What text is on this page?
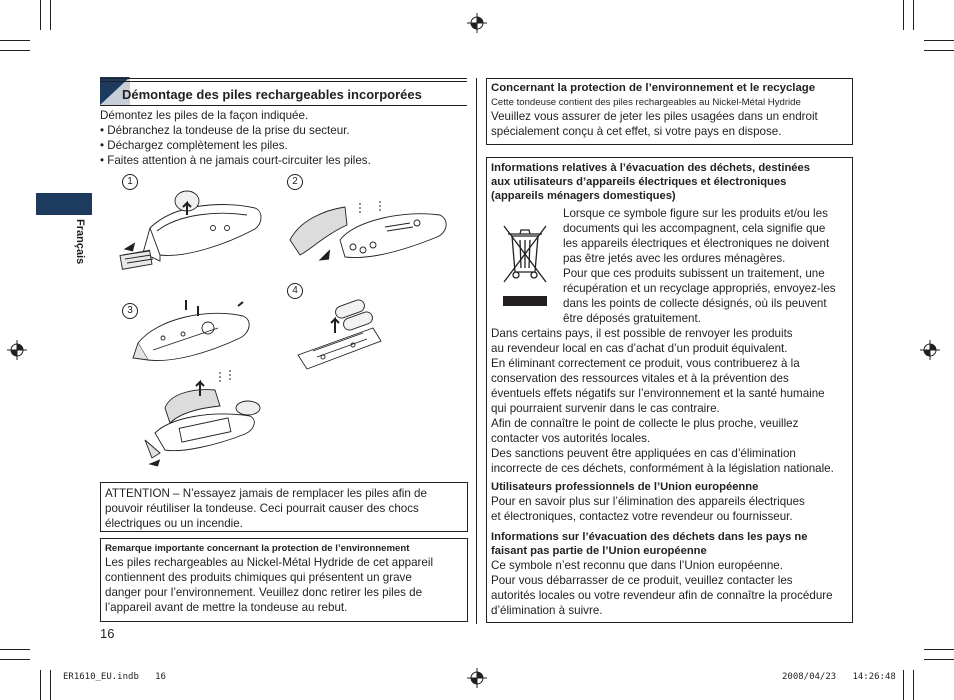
Français
Démontage des piles rechargeables incorporées
Démontez les piles de la façon indiquée.
• Débranchez la tondeuse de la prise du secteur.
• Déchargez complètement les piles.
• Faites attention à ne jamais court-circuiter les piles.
1	2
3
4
ATTENTION – N’essayez jamais de remplacer les piles afin de
pouvoir réutiliser la tondeuse. Ceci pourrait causer des chocs
électriques ou un incendie.
Remarque importante concernant la protection de l’environnement
Les piles rechargeables au Nickel-Métal Hydride de cet appareil
contiennent des produits chimiques qui présentent un grave
danger pour l’environnement. Veuillez donc retirer les piles de
l’appareil avant de mettre la tondeuse au rebut.
16
Concernant la protection de l’environnement et le recyclage
Cette tondeuse contient des piles rechargeables au Nickel-Métal Hydride
Veuillez vous assurer de jeter les piles usagées dans un endroit
spécialement conçu à cet effet, si votre pays en dispose.
Informations relatives à l’évacuation des déchets, destinées
aux utilisateurs d’appareils électriques et électroniques
(appareils ménagers domestiques)
Lorsque ce symbole figure sur les produits et/ou les
documents qui les accompagnent, cela signifie que
les appareils électriques et électroniques ne doivent
pas être jetés avec les ordures ménagères.
Pour que ces produits subissent un traitement, une
récupération et un recyclage appropriés, envoyez-les
dans les points de collecte désignés, où ils peuvent
être déposés gratuitement.
Dans certains pays, il est possible de renvoyer les produits
au revendeur local en cas d’achat d’un produit équivalent.
En éliminant correctement ce produit, vous contribuerez à la
conservation des ressources vitales et à la prévention des
éventuels effets négatifs sur l’environnement et la santé humaine
qui pourraient survenir dans le cas contraire.
Afin de connaître le point de collecte le plus proche, veuillez
contacter vos autorités locales.
Des sanctions peuvent être appliquées en cas d’élimination
incorrecte de ces déchets, conformément à la législation nationale.
Utilisateurs professionnels de l’Union européenne
Pour en savoir plus sur l’élimination des appareils électriques
et électroniques, contactez votre revendeur ou fournisseur.
Informations sur l’évacuation des déchets dans les pays ne
faisant pas partie de l’Union européenne
Ce symbole n’est reconnu que dans l’Union européenne.
Pour vous débarrasser de ce produit, veuillez contacter les
autorités locales ou votre revendeur afin de connaître la procédure
d’élimination à suivre.
ER1610_EU.indb   16	2008/04/23   14:26:48
